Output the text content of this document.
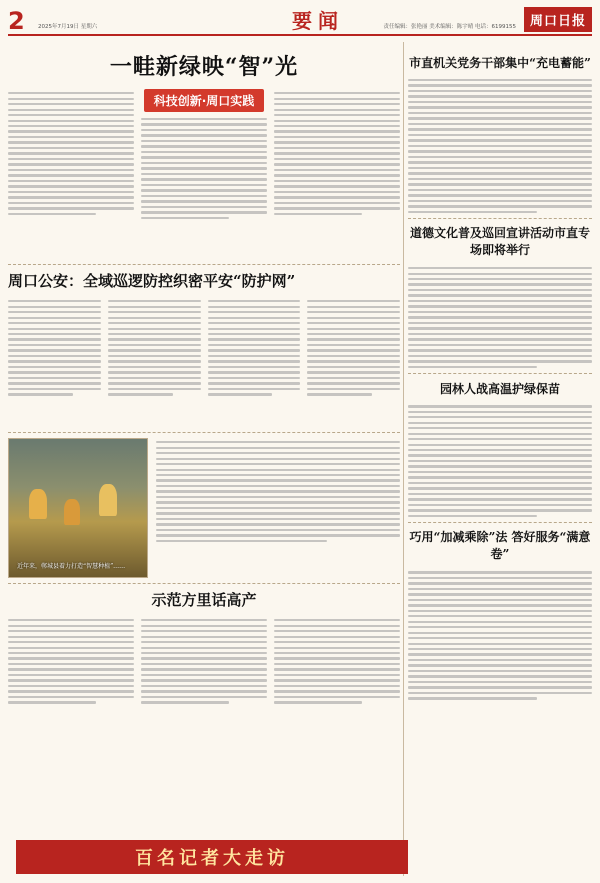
2	2025年7月19日 星期六	要闻	责任编辑：张艳丽 美术编辑：陈宇晴 电话：6199155	周口日报
一畦新绿映“智”光
科技创新·周口实践
周口公安：全域巡逻防控织密平安“防护网”
近年来，郸城县着力打造“智慧种植”……
示范方里话高产
百名记者大走访
市直机关党务干部集中“充电蓄能”
道德文化普及巡回宣讲活动市直专场即将举行
园林人战高温护绿保苗
巧用“加减乘除”法 答好服务“满意卷”
